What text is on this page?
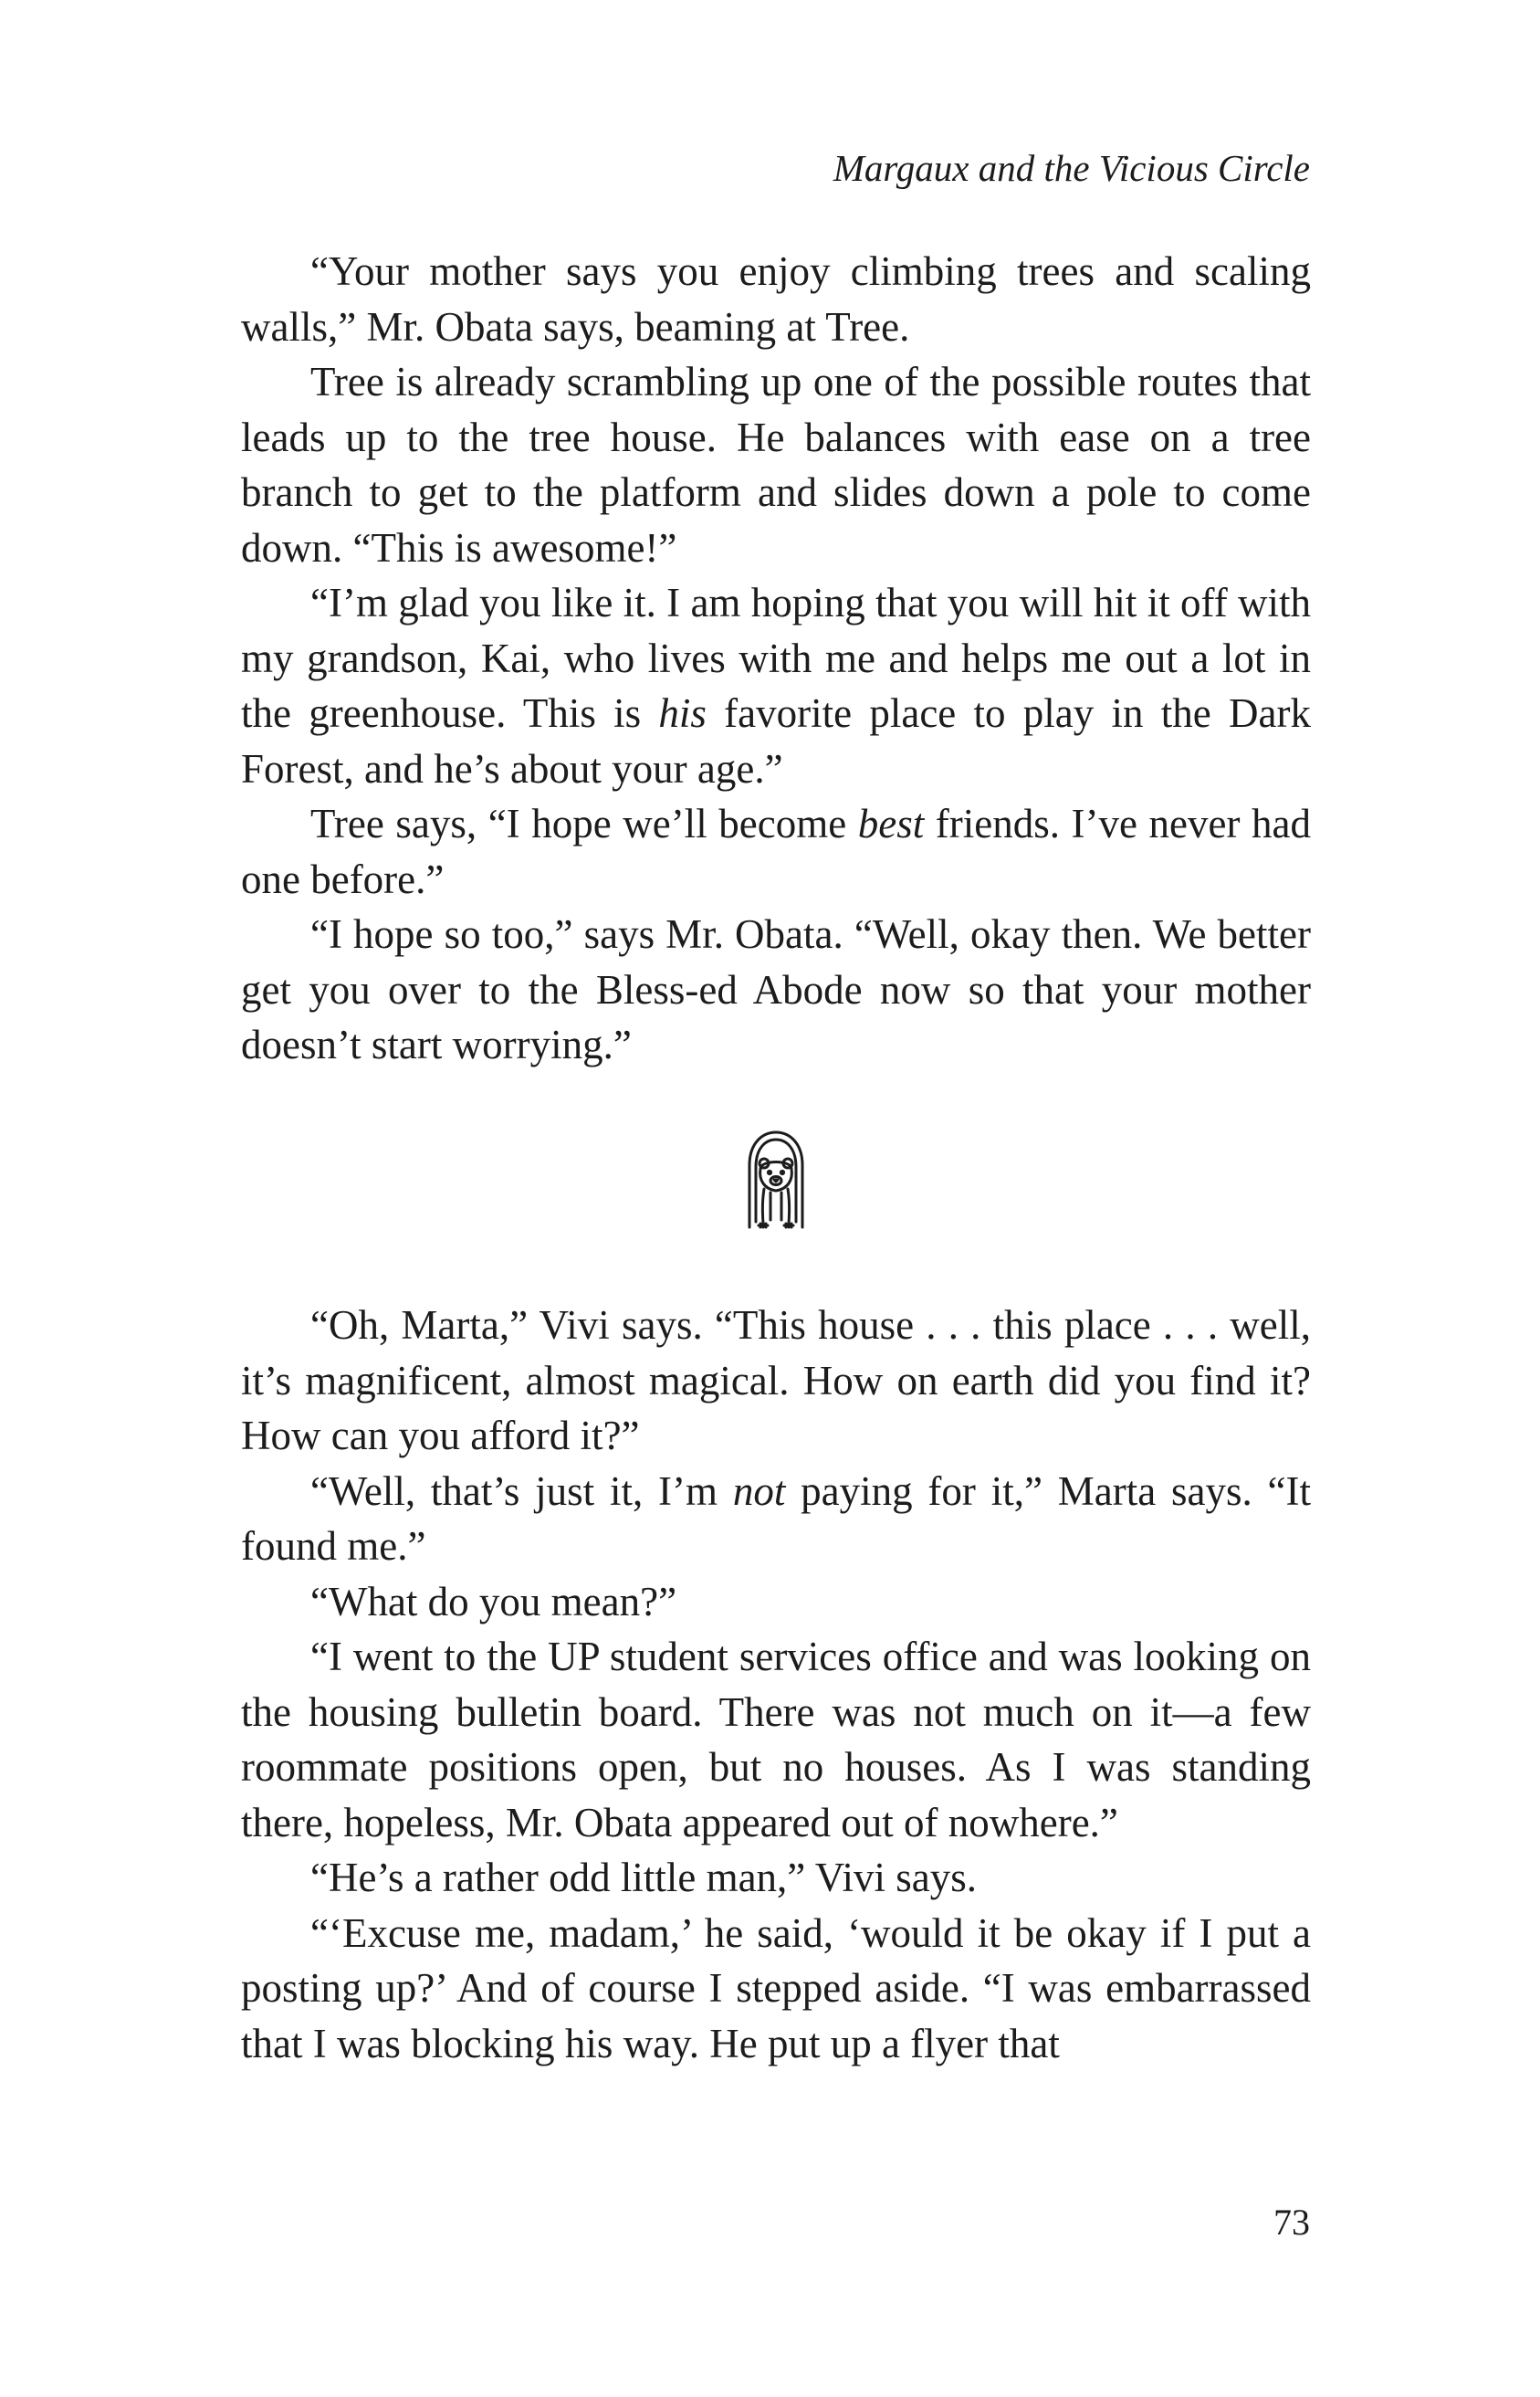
Margaux and the Vicious Circle

“Your mother says you enjoy climbing trees and scaling walls,” Mr. Obata says, beaming at Tree.

Tree is already scrambling up one of the possible routes that leads up to the tree house. He balances with ease on a tree branch to get to the platform and slides down a pole to come down. “This is awesome!”

“I’m glad you like it. I am hoping that you will hit it off with my grandson, Kai, who lives with me and helps me out a lot in the greenhouse. This is his favorite place to play in the Dark Forest, and he’s about your age.”

Tree says, “I hope we’ll become best friends. I’ve never had one before.”

“I hope so too,” says Mr. Obata. “Well, okay then. We better get you over to the Bless-ed Abode now so that your mother doesn’t start worrying.”

“Oh, Marta,” Vivi says. “This house . . . this place . . . well, it’s magnificent, almost magical. How on earth did you find it? How can you afford it?”

“Well, that’s just it, I’m not paying for it,” Marta says. “It found me.”

“What do you mean?”

“I went to the UP student services office and was looking on the housing bulletin board. There was not much on it—a few roommate positions open, but no houses. As I was standing there, hopeless, Mr. Obata appeared out of nowhere.”

“He’s a rather odd little man,” Vivi says.

“‘Excuse me, madam,’ he said, ‘would it be okay if I put a posting up?’ And of course I stepped aside. “I was embarrassed that I was blocking his way. He put up a flyer that

73
